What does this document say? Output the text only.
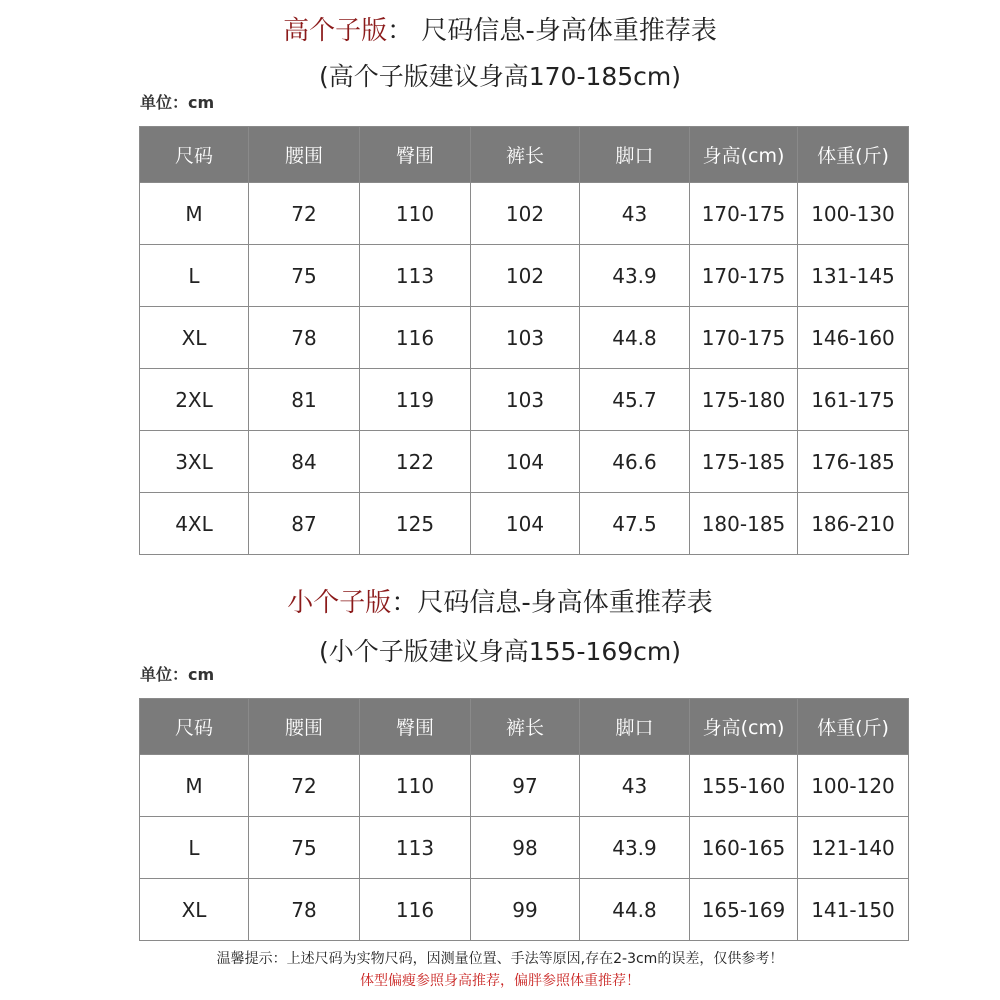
高个子版： 尺码信息-身高体重推荐表
(高个子版建议身高170-185cm)
单位：cm
尺码	腰围	臀围	裤长	脚口	身高(cm)	体重(斤)
M	72	110	102	43	170-175	100-130
L	75	113	102	43.9	170-175	131-145
XL	78	116	103	44.8	170-175	146-160
2XL	81	119	103	45.7	175-180	161-175
3XL	84	122	104	46.6	175-185	176-185
4XL	87	125	104	47.5	180-185	186-210
小个子版：尺码信息-身高体重推荐表
(小个子版建议身高155-169cm)
单位：cm
尺码	腰围	臀围	裤长	脚口	身高(cm)	体重(斤)
M	72	110	97	43	155-160	100-120
L	75	113	98	43.9	160-165	121-140
XL	78	116	99	44.8	165-169	141-150
温馨提示：上述尺码为实物尺码，因测量位置、手法等原因,存在2-3cm的误差，仅供参考！
体型偏瘦参照身高推荐，偏胖参照体重推荐！
